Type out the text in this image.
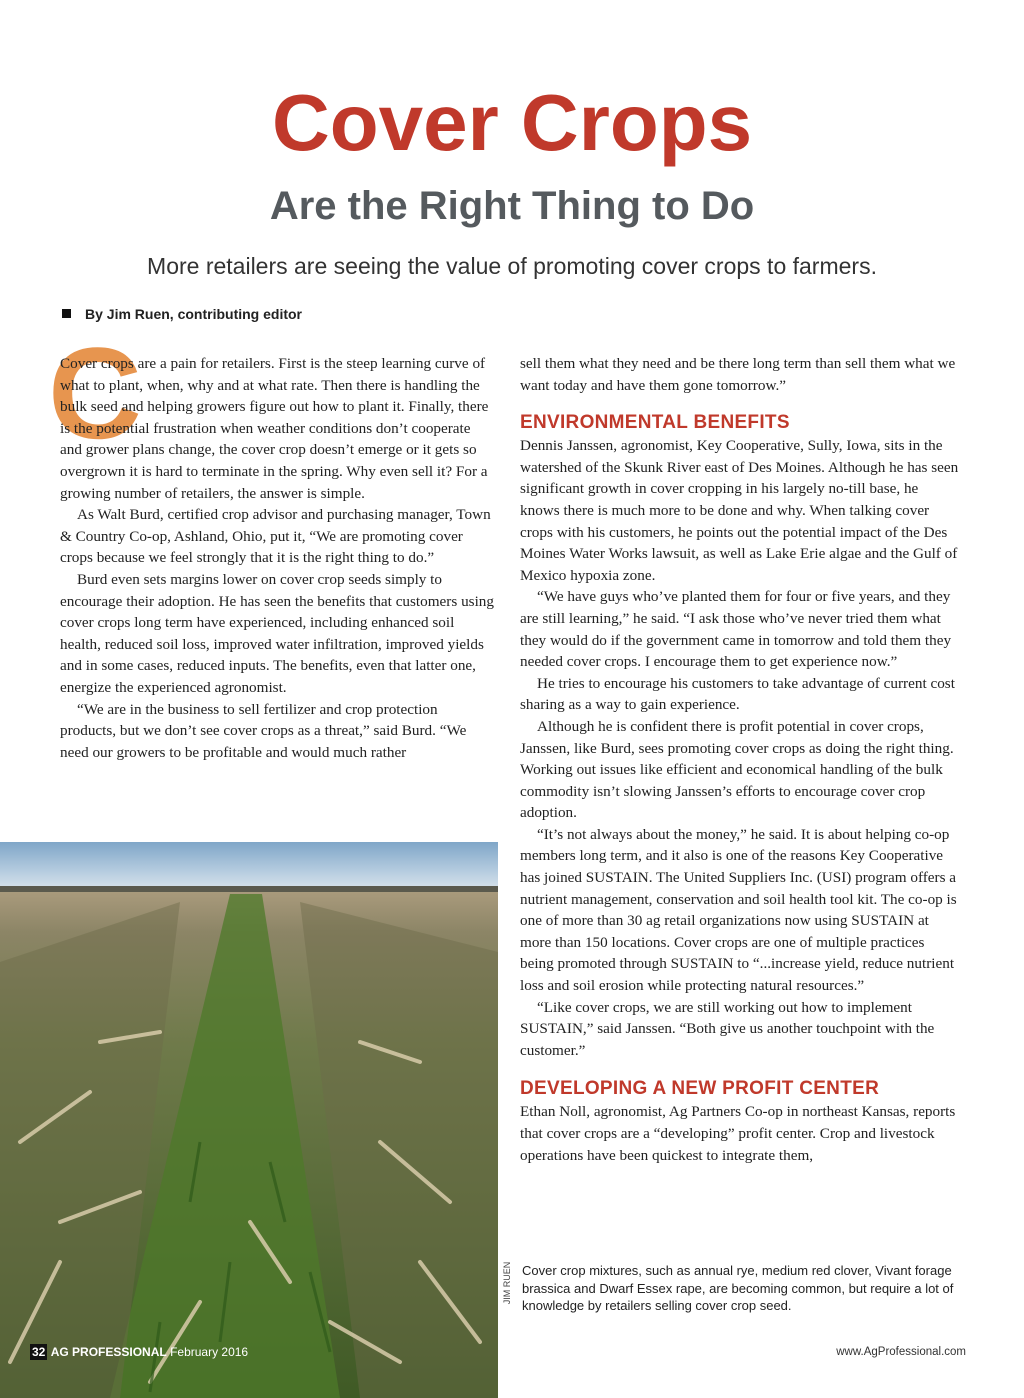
Cover Crops
Are the Right Thing to Do

More retailers are seeing the value of promoting cover crops to farmers.

By Jim Ruen, contributing editor
C

Cover crops are a pain for retailers. First is the steep learning curve of what to plant, when, why and at what rate. Then there is handling the bulk seed and helping growers figure out how to plant it. Finally, there is the potential frustration when weather conditions don’t cooperate and grower plans change, the cover crop doesn’t emerge or it gets so overgrown it is hard to terminate in the spring. Why even sell it? For a growing number of retailers, the answer is simple.

As Walt Burd, certified crop advisor and purchasing manager, Town & Country Co-op, Ashland, Ohio, put it, “We are promoting cover crops because we feel strongly that it is the right thing to do.”

Burd even sets margins lower on cover crop seeds simply to encourage their adoption. He has seen the benefits that customers using cover crops long term have experienced, including enhanced soil health, reduced soil loss, improved water infiltration, improved yields and in some cases, reduced inputs. The benefits, even that latter one, energize the experienced agronomist.

“We are in the business to sell fertilizer and crop protection products, but we don’t see cover crops as a threat,” said Burd. “We need our growers to be profitable and would much rather

sell them what they need and be there long term than sell them what we want today and have them gone tomorrow.”

ENVIRONMENTAL BENEFITS

Dennis Janssen, agronomist, Key Cooperative, Sully, Iowa, sits in the watershed of the Skunk River east of Des Moines. Although he has seen significant growth in cover cropping in his largely no-till base, he knows there is much more to be done and why. When talking cover crops with his customers, he points out the potential impact of the Des Moines Water Works lawsuit, as well as Lake Erie algae and the Gulf of Mexico hypoxia zone.

“We have guys who’ve planted them for four or five years, and they are still learning,” he said. “I ask those who’ve never tried them what they would do if the government came in tomorrow and told them they needed cover crops. I encourage them to get experience now.”

He tries to encourage his customers to take advantage of current cost sharing as a way to gain experience.

Although he is confident there is profit potential in cover crops, Janssen, like Burd, sees promoting cover crops as doing the right thing. Working out issues like efficient and economical handling of the bulk commodity isn’t slowing Janssen’s efforts to encourage cover crop adoption.

“It’s not always about the money,” he said. It is about helping co-op members long term, and it also is one of the reasons Key Cooperative has joined SUSTAIN. The United Suppliers Inc. (USI) program offers a nutrient management, conservation and soil health tool kit. The co-op is one of more than 30 ag retail organizations now using SUSTAIN at more than 150 locations. Cover crops are one of multiple practices being promoted through SUSTAIN to “...increase yield, reduce nutrient loss and soil erosion while protecting natural resources.”

“Like cover crops, we are still working out how to implement SUSTAIN,” said Janssen. “Both give us another touchpoint with the customer.”

DEVELOPING A NEW PROFIT CENTER

Ethan Noll, agronomist, Ag Partners Co-op in northeast Kansas, reports that cover crops are a “developing” profit center. Crop and livestock operations have been quickest to integrate them,

JIM RUEN Cover crop mixtures, such as annual rye, medium red clover, Vivant forage brassica and Dwarf Essex rape, are becoming common, but require a lot of knowledge by retailers selling cover crop seed.
32 AG PROFESSIONAL February 2016	www.AgProfessional.com
